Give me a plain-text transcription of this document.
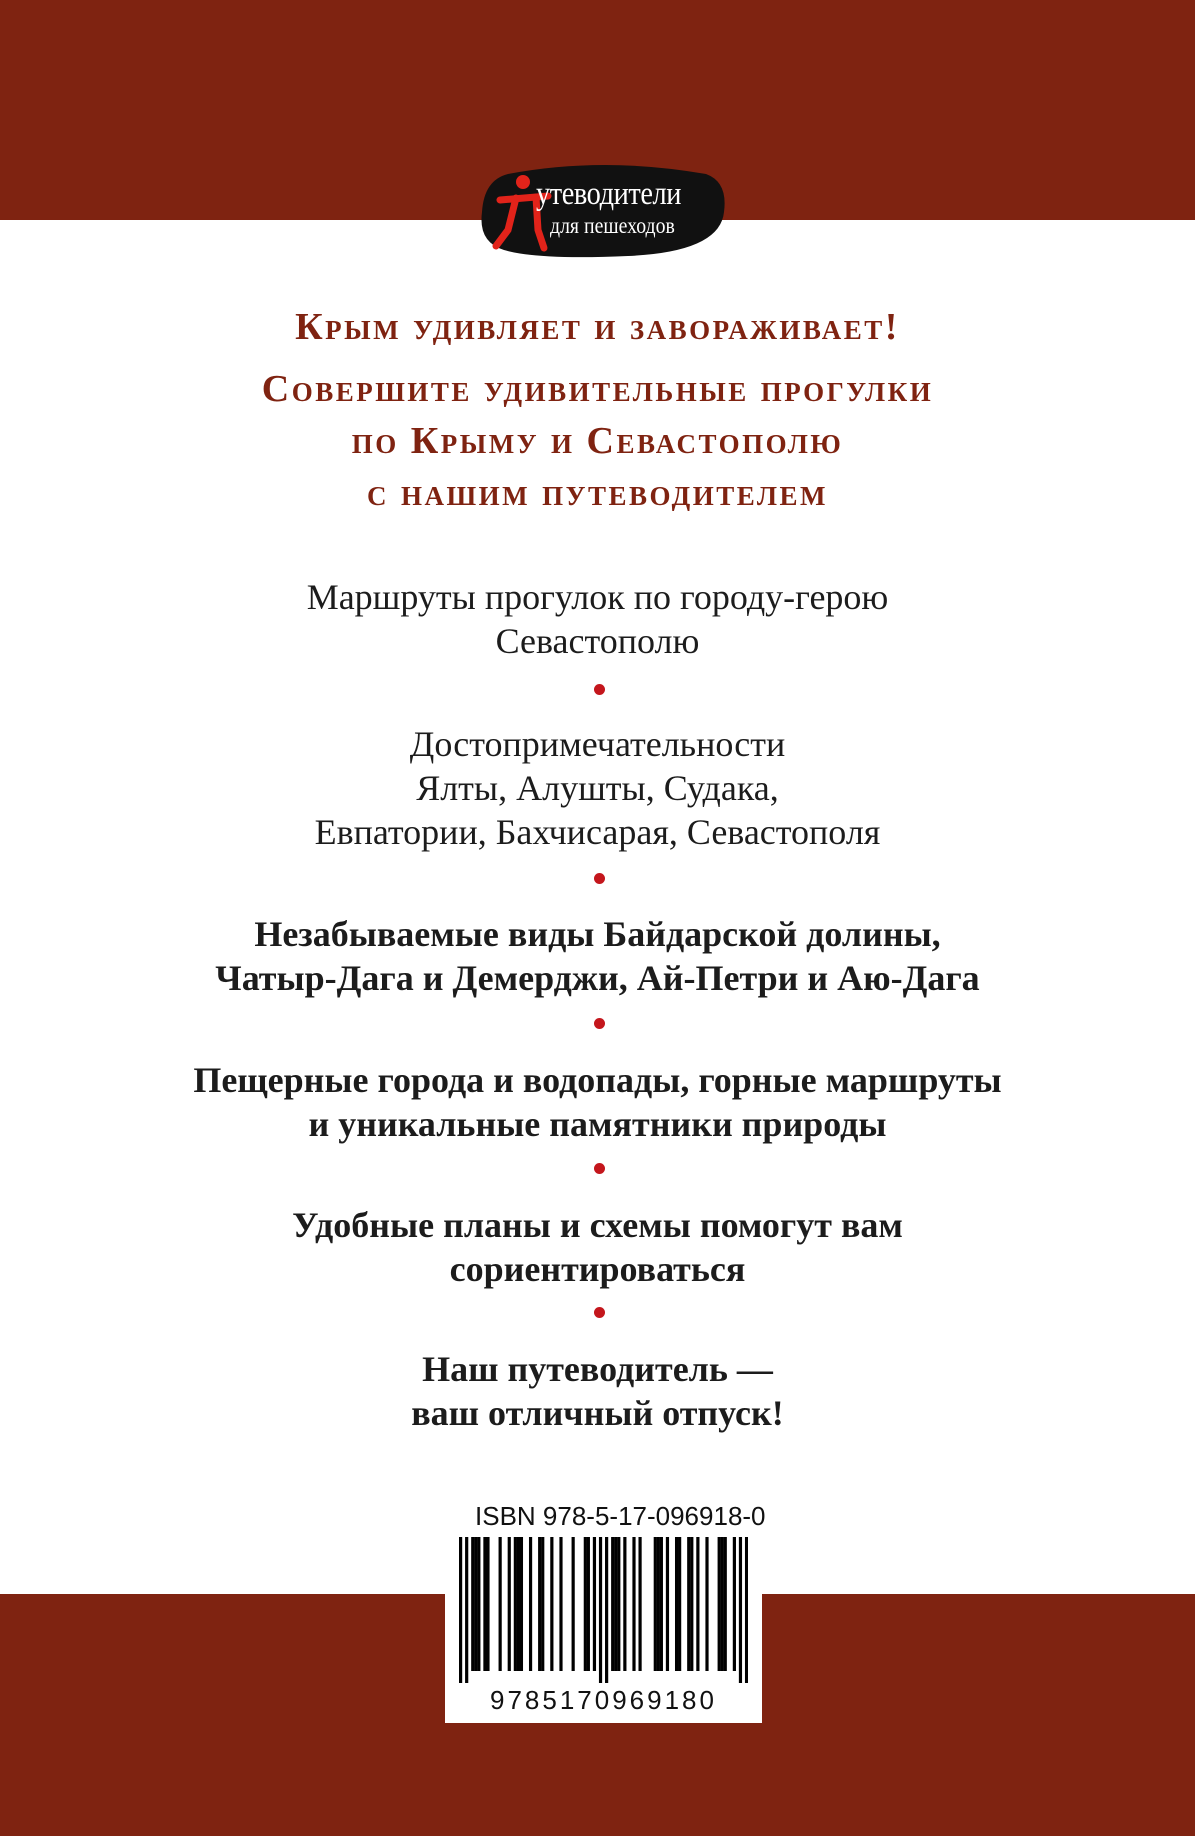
утеводители
для пешеходов
Крым удивляет и завораживает!
Совершите удивительные прогулки
по Крыму и Севастополю
с нашим путеводителем
Маршруты прогулок по городу-герою
Севастополю
Достопримечательности
Ялты, Алушты, Судака,
Евпатории, Бахчисарая, Севастополя
Незабываемые виды Байдарской долины,
Чатыр-Дага и Демерджи, Ай-Петри и Аю-Дага
Пещерные города и водопады, горные маршруты
и уникальные памятники природы
Удобные планы и схемы помогут вам
сориентироваться
Наш путеводитель —
ваш отличный отпуск!
ISBN 978-5-17-096918-0
9785170969180
